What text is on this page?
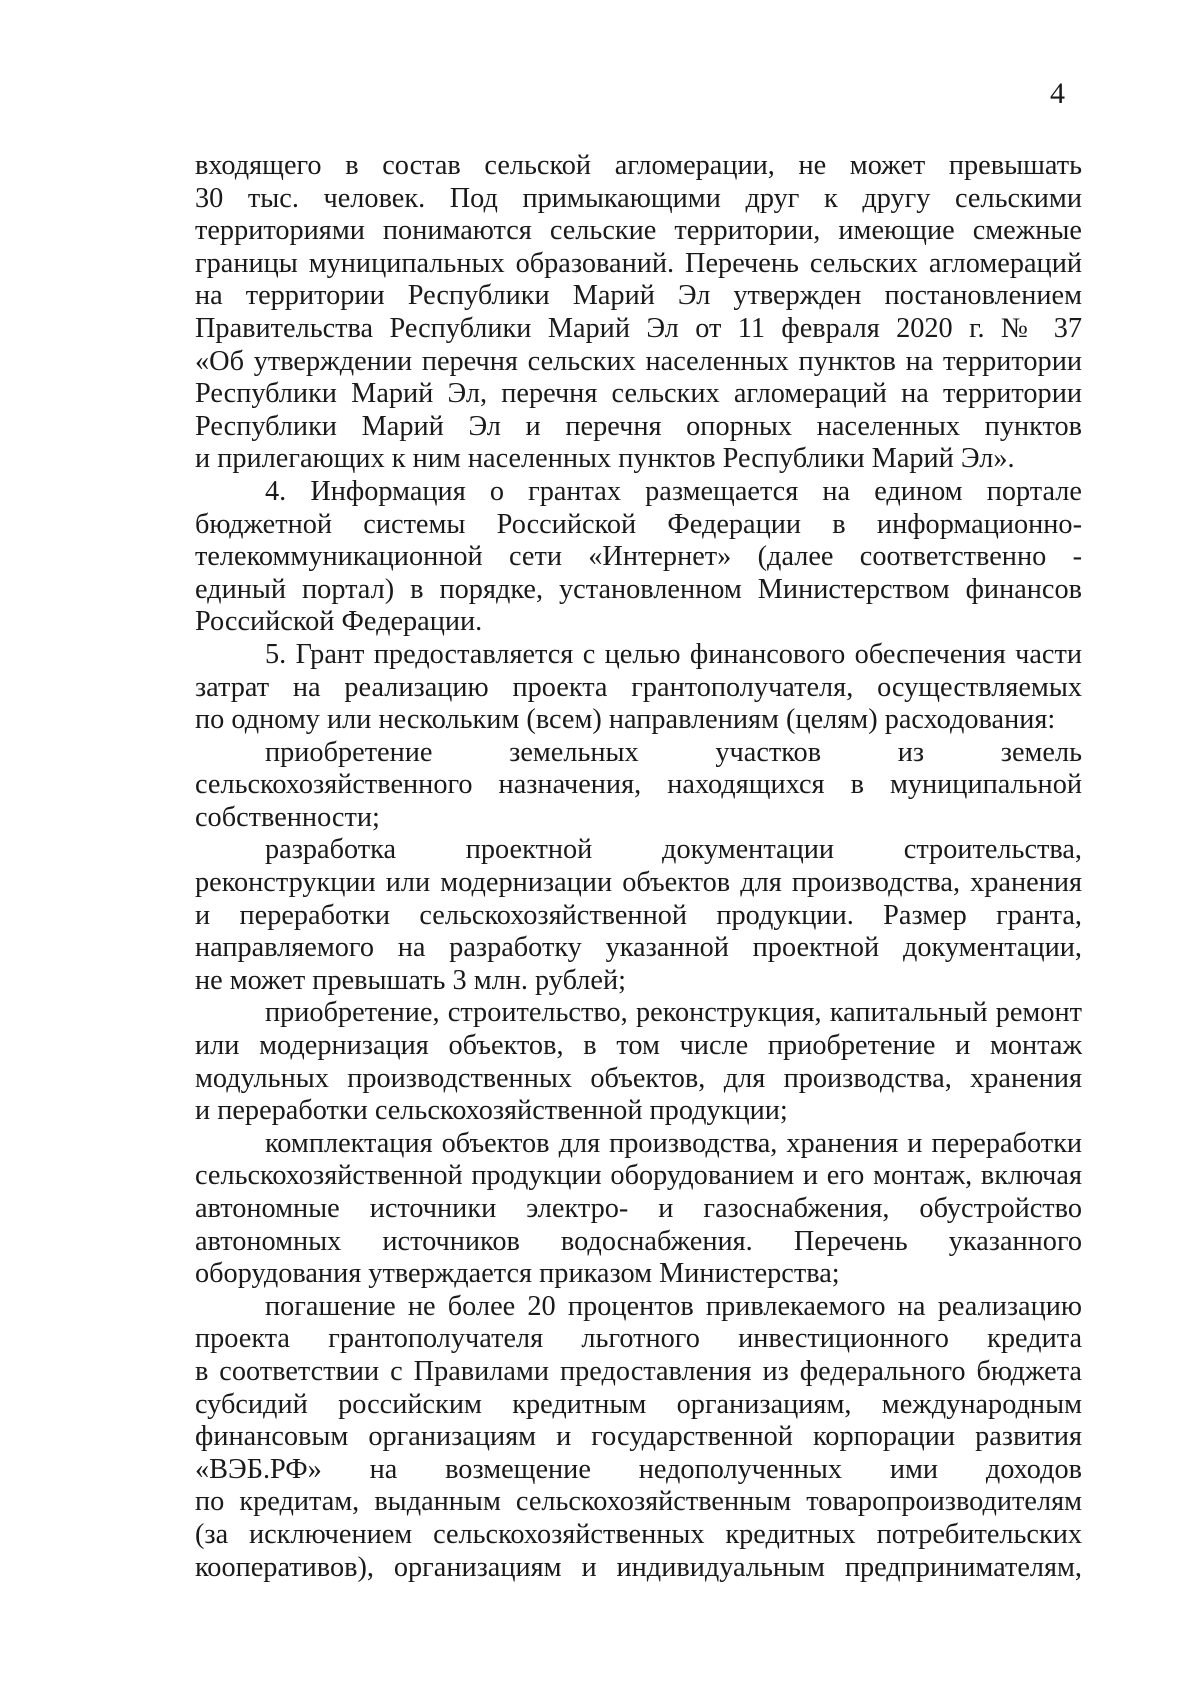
4
входящего в состав сельской агломерации, не может превышать
30 тыс. человек. Под примыкающими друг к другу сельскими
территориями понимаются сельские территории, имеющие смежные
границы муниципальных образований. Перечень сельских агломераций
на территории Республики Марий Эл утвержден постановлением
Правительства Республики Марий Эл от 11 февраля 2020 г. № 37
«Об утверждении перечня сельских населенных пунктов на территории
Республики Марий Эл, перечня сельских агломераций на территории
Республики Марий Эл и перечня опорных населенных пунктов
и прилегающих к ним населенных пунктов Республики Марий Эл».
4. Информация о грантах размещается на едином портале
бюджетной системы Российской Федерации в информационно-
телекоммуникационной сети «Интернет» (далее соответственно -
единый портал) в порядке, установленном Министерством финансов
Российской Федерации.
5. Грант предоставляется с целью финансового обеспечения части
затрат на реализацию проекта грантополучателя, осуществляемых
по одному или нескольким (всем) направлениям (целям) расходования:
приобретение земельных участков из земель
сельскохозяйственного назначения, находящихся в муниципальной
собственности;
разработка проектной документации строительства,
реконструкции или модернизации объектов для производства, хранения
и переработки сельскохозяйственной продукции. Размер гранта,
направляемого на разработку указанной проектной документации,
не может превышать 3 млн. рублей;
приобретение, строительство, реконструкция, капитальный ремонт
или модернизация объектов, в том числе приобретение и монтаж
модульных производственных объектов, для производства, хранения
и переработки сельскохозяйственной продукции;
комплектация объектов для производства, хранения и переработки
сельскохозяйственной продукции оборудованием и его монтаж, включая
автономные источники электро- и газоснабжения, обустройство
автономных источников водоснабжения. Перечень указанного
оборудования утверждается приказом Министерства;
погашение не более 20 процентов привлекаемого на реализацию
проекта грантополучателя льготного инвестиционного кредита
в соответствии с Правилами предоставления из федерального бюджета
субсидий российским кредитным организациям, международным
финансовым организациям и государственной корпорации развития
«ВЭБ.РФ» на возмещение недополученных ими доходов
по кредитам, выданным сельскохозяйственным товаропроизводителям
(за исключением сельскохозяйственных кредитных потребительских
кооперативов), организациям и индивидуальным предпринимателям,
